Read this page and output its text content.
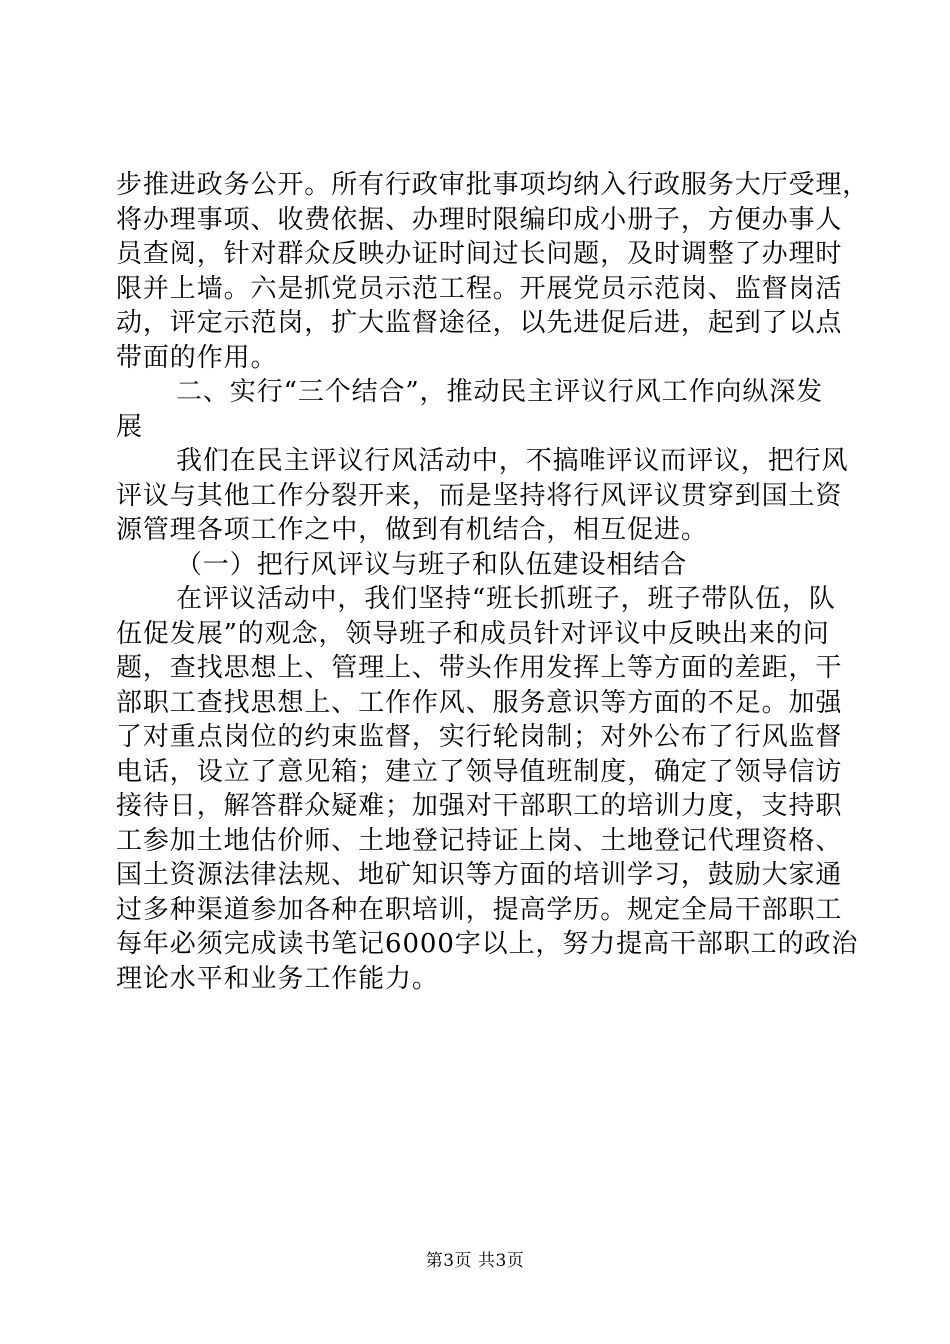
步推进政务公开。所有行政审批事项均纳入行政服务大厅受理，
将办理事项、收费依据、办理时限编印成小册子，方便办事人
员查阅，针对群众反映办证时间过长问题，及时调整了办理时
限并上墙。六是抓党员示范工程。开展党员示范岗、监督岗活
动，评定示范岗，扩大监督途径，以先进促后进，起到了以点
带面的作用。
二、实行“三个结合”，推动民主评议行风工作向纵深发
展
我们在民主评议行风活动中，不搞唯评议而评议，把行风
评议与其他工作分裂开来，而是坚持将行风评议贯穿到国土资
源管理各项工作之中，做到有机结合，相互促进。
（一）把行风评议与班子和队伍建设相结合
在评议活动中，我们坚持“班长抓班子，班子带队伍，队
伍促发展”的观念，领导班子和成员针对评议中反映出来的问
题，查找思想上、管理上、带头作用发挥上等方面的差距，干
部职工查找思想上、工作作风、服务意识等方面的不足。加强
了对重点岗位的约束监督，实行轮岗制；对外公布了行风监督
电话，设立了意见箱；建立了领导值班制度，确定了领导信访
接待日，解答群众疑难；加强对干部职工的培训力度，支持职
工参加土地估价师、土地登记持证上岗、土地登记代理资格、
国土资源法律法规、地矿知识等方面的培训学习，鼓励大家通
过多种渠道参加各种在职培训，提高学历。规定全局干部职工
每年必须完成读书笔记6000字以上，努力提高干部职工的政治
理论水平和业务工作能力。
第3页 共3页
